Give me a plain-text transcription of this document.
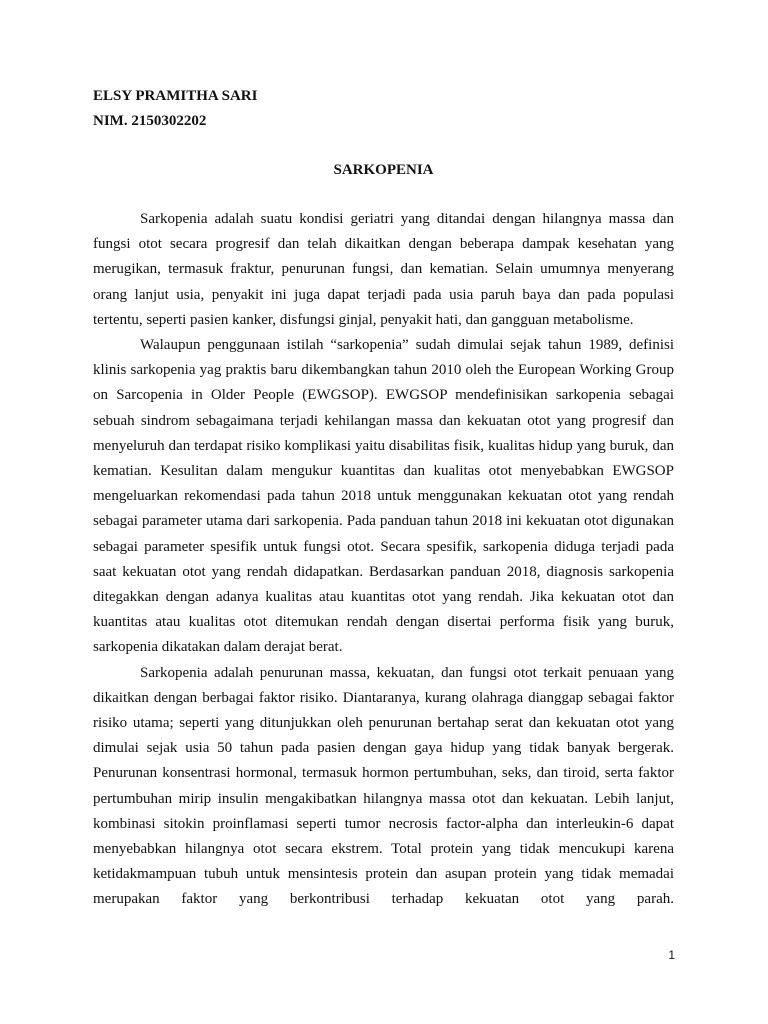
ELSY PRAMITHA SARI

NIM. 2150302202

SARKOPENIA

Sarkopenia adalah suatu kondisi geriatri yang ditandai dengan hilangnya massa dan fungsi otot secara progresif dan telah dikaitkan dengan beberapa dampak kesehatan yang merugikan, termasuk fraktur, penurunan fungsi, dan kematian. Selain umumnya menyerang orang lanjut usia, penyakit ini juga dapat terjadi pada usia paruh baya dan pada populasi tertentu, seperti pasien kanker, disfungsi ginjal, penyakit hati, dan gangguan metabolisme.

Walaupun penggunaan istilah “sarkopenia” sudah dimulai sejak tahun 1989, definisi klinis sarkopenia yag praktis baru dikembangkan tahun 2010 oleh the European Working Group on Sarcopenia in Older People (EWGSOP). EWGSOP mendefinisikan sarkopenia sebagai sebuah sindrom sebagaimana terjadi kehilangan massa dan kekuatan otot yang progresif dan menyeluruh dan terdapat risiko komplikasi yaitu disabilitas fisik, kualitas hidup yang buruk, dan kematian. Kesulitan dalam mengukur kuantitas dan kualitas otot menyebabkan EWGSOP mengeluarkan rekomendasi pada tahun 2018 untuk menggunakan kekuatan otot yang rendah sebagai parameter utama dari sarkopenia. Pada panduan tahun 2018 ini kekuatan otot digunakan sebagai parameter spesifik untuk fungsi otot. Secara spesifik, sarkopenia diduga terjadi pada saat kekuatan otot yang rendah didapatkan. Berdasarkan panduan 2018, diagnosis sarkopenia ditegakkan dengan adanya kualitas atau kuantitas otot yang rendah. Jika kekuatan otot dan kuantitas atau kualitas otot ditemukan rendah dengan disertai performa fisik yang buruk, sarkopenia dikatakan dalam derajat berat.

Sarkopenia adalah penurunan massa, kekuatan, dan fungsi otot terkait penuaan yang dikaitkan dengan berbagai faktor risiko. Diantaranya, kurang olahraga dianggap sebagai faktor risiko utama; seperti yang ditunjukkan oleh penurunan bertahap serat dan kekuatan otot yang dimulai sejak usia 50 tahun pada pasien dengan gaya hidup yang tidak banyak bergerak. Penurunan konsentrasi hormonal, termasuk hormon pertumbuhan, seks, dan tiroid, serta faktor pertumbuhan mirip insulin mengakibatkan hilangnya massa otot dan kekuatan. Lebih lanjut, kombinasi sitokin proinflamasi seperti tumor necrosis factor-alpha dan interleukin-6 dapat menyebabkan hilangnya otot secara ekstrem. Total protein yang tidak mencukupi karena ketidakmampuan tubuh untuk mensintesis protein dan asupan protein yang tidak memadai merupakan faktor yang berkontribusi terhadap kekuatan otot yang parah.

1
